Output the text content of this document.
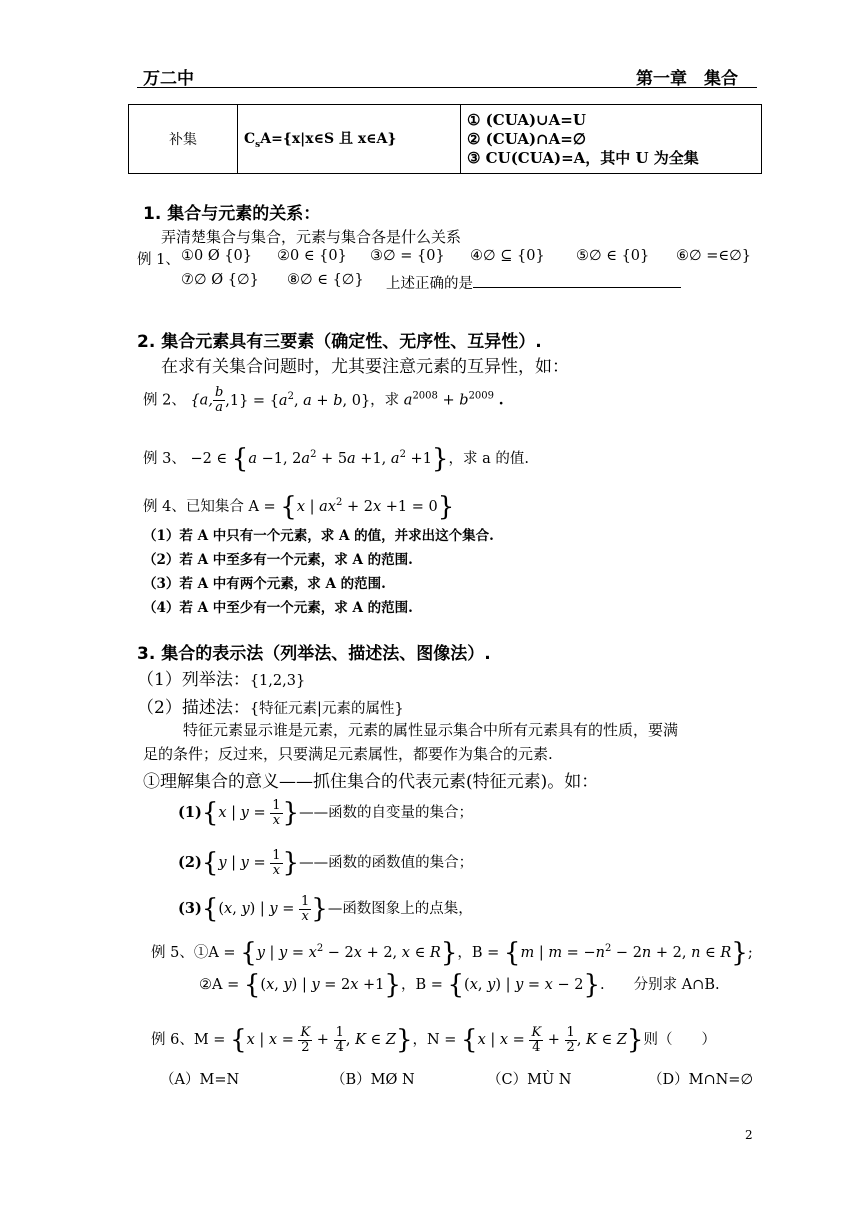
万二中	第一章　集合
补集	$C_sA=\{x|x\in S$ 且 x∈A}	
① (CUA)∪A=U
② (CUA)∩A=∅
③ CU(CUA)=A，其中 U 为全集
1. 集合与元素的关系：
弄清楚集合与集合，元素与集合各是什么关系
例 1、 ①0 Ø {0} ②0 ∈ {0} ③∅ = {0} ④∅ ⊆ {0} ⑤∅ ∈ {0} ⑥∅ =∈∅}
⑦∅ Ø {∅} ⑧∅ ∈ {∅} 上述正确的是
2. 集合元素具有三要素（确定性、无序性、互异性）.
在求有关集合问题时，尤其要注意元素的互异性，如：
例 2、 {a, $\frac{b}{a} ,1\} = \{a^2$, a + b, 0}，求 $a^{2008} + b^{2009}$ .
例 3、 −2 ∈ {a −1, $2a^2 + 5a +1$, $a^2 +1$}，求 a 的值.
例 4、已知集合 A = {x | $ax^2 + 2x +1 = 0$}
（1）若 A 中只有一个元素，求 A 的值，并求出这个集合.
（2）若 A 中至多有一个元素，求 A 的范围.
（3）若 A 中有两个元素，求 A 的范围.
（4）若 A 中至少有一个元素，求 A 的范围.
3. 集合的表示法（列举法、描述法、图像法）.
（1）列举法：{1,2,3}
（2）描述法：{特征元素|元素的属性}
特征元素显示谁是元素，元素的属性显示集合中所有元素具有的性质，要满
足的条件；反过来，只要满足元素属性，都要作为集合的元素.
①理解集合的意义——抓住集合的代表元素(特征元素)。如：
(1){x | $y = \frac{1}{x}$ }——函数的自变量的集合；
(2){y | $y = \frac{1}{x}$ }——函数的函数值的集合；
(3){(x, y) | $y = \frac{1}{x}$ }—函数图象上的点集，
例 5、①A = {y | $y = x^2 - 2x + 2$, x ∈ R}，B = {m | $m = -n^2 - 2n + 2$, n ∈ R};
②A = {(x, y) | y = 2x +1}，B = {(x, y) | y = x − 2}.　　分别求 A∩B.
例 6、M = {x | $x = \frac{K}{2} + \frac{1}{4}$ , K ∈ Z}，N = {x | $x = \frac{K}{4} + \frac{1}{2}$ , K ∈ Z}则（　　）
（A）M=N	（B）MØ N	（C）MÙ N	（D）M∩N=∅
2
